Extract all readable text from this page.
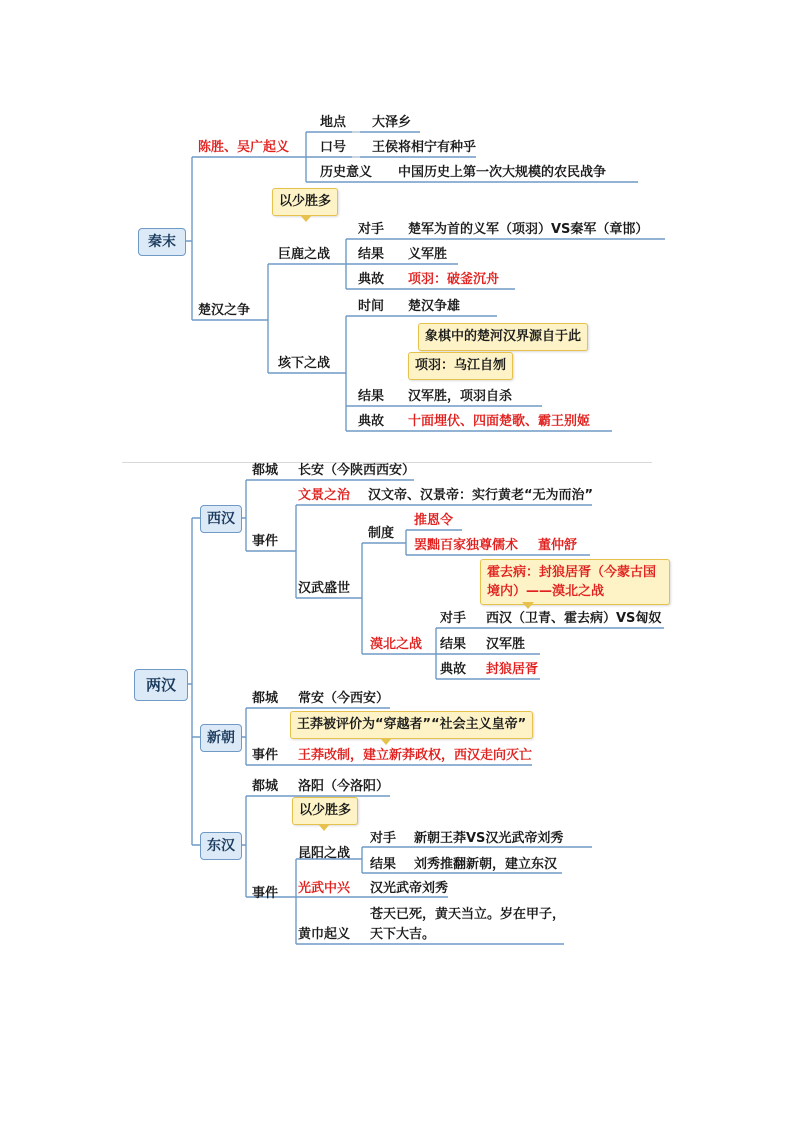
秦末
陈胜、吴广起义
地点 大泽乡
口号 王侯将相宁有种乎
历史意义 中国历史上第一次大规模的农民战争
楚汉之争
以少胜多
巨鹿之战
对手 楚军为首的义军（项羽）VS秦军（章邯）
结果 义军胜
典故 项羽：破釜沉舟
垓下之战
时间 楚汉争雄
象棋中的楚河汉界源自于此
项羽：乌江自刎
结果 汉军胜，项羽自杀
典故 十面埋伏、四面楚歌、霸王别姬
两汉
西汉
都城 长安（今陕西西安）
事件
文景之治 汉文帝、汉景帝：实行黄老“无为而治”
汉武盛世
制度
推恩令
罢黜百家独尊儒术 董仲舒
霍去病：封狼居胥（今蒙古国境内）——漠北之战
漠北之战
对手 西汉（卫青、霍去病）VS匈奴
结果 汉军胜
典故 封狼居胥
新朝
都城 常安（今西安）
王莽被评价为“穿越者”“社会主义皇帝”
事件 王莽改制，建立新莽政权，西汉走向灭亡
东汉
都城 洛阳（今洛阳）
以少胜多
事件
昆阳之战
对手 新朝王莽VS汉光武帝刘秀
结果 刘秀推翻新朝，建立东汉
光武中兴 汉光武帝刘秀
黄巾起义
苍天已死，黄天当立。岁在甲子，
天下大吉。
